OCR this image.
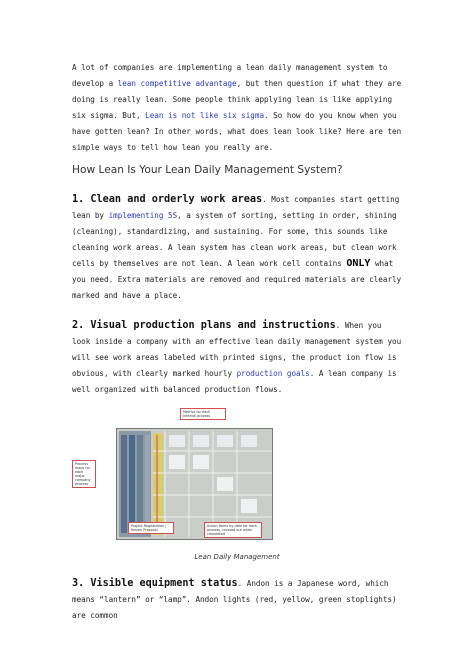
A lot of companies are implementing a lean daily management system to develop a lean competitive advantage, but then question if what they are doing is really lean. Some people think applying lean is like applying six sigma. But, Lean is not like six sigma. So how do you know when you have gotten lean? In other words, what does lean look like? Here are ten simple ways to tell how lean you really are.
How Lean Is Your Lean Daily Management System?
1. Clean and orderly work areas. Most companies start getting lean by implementing 5S, a system of sorting, setting in order, shining (cleaning), standardizing, and sustaining. For some, this sounds like cleaning work areas. A lean system has clean work areas, but clean work cells by themselves are not lean. A lean work cell contains ONLY what you need. Extra materials are removed and required materials are clearly marked and have a place.
2. Visual production plans and instructions. When you look inside a company with an effective lean daily management system you will see work areas labeled with printed signs, the product ion flow is obvious, with clearly marked hourly production goals. A lean company is well organized with balanced production flows.
Metrics for each Internal process
Process maps for each major company process
Project Registration / Kaizen Proposal
Action items by date for each process, crossed out when completed
Lean Daily Management
3. Visible equipment status. Andon is a Japanese word, which means “lantern” or “lamp”. Andon lights (red, yellow, green stoplights) are common
